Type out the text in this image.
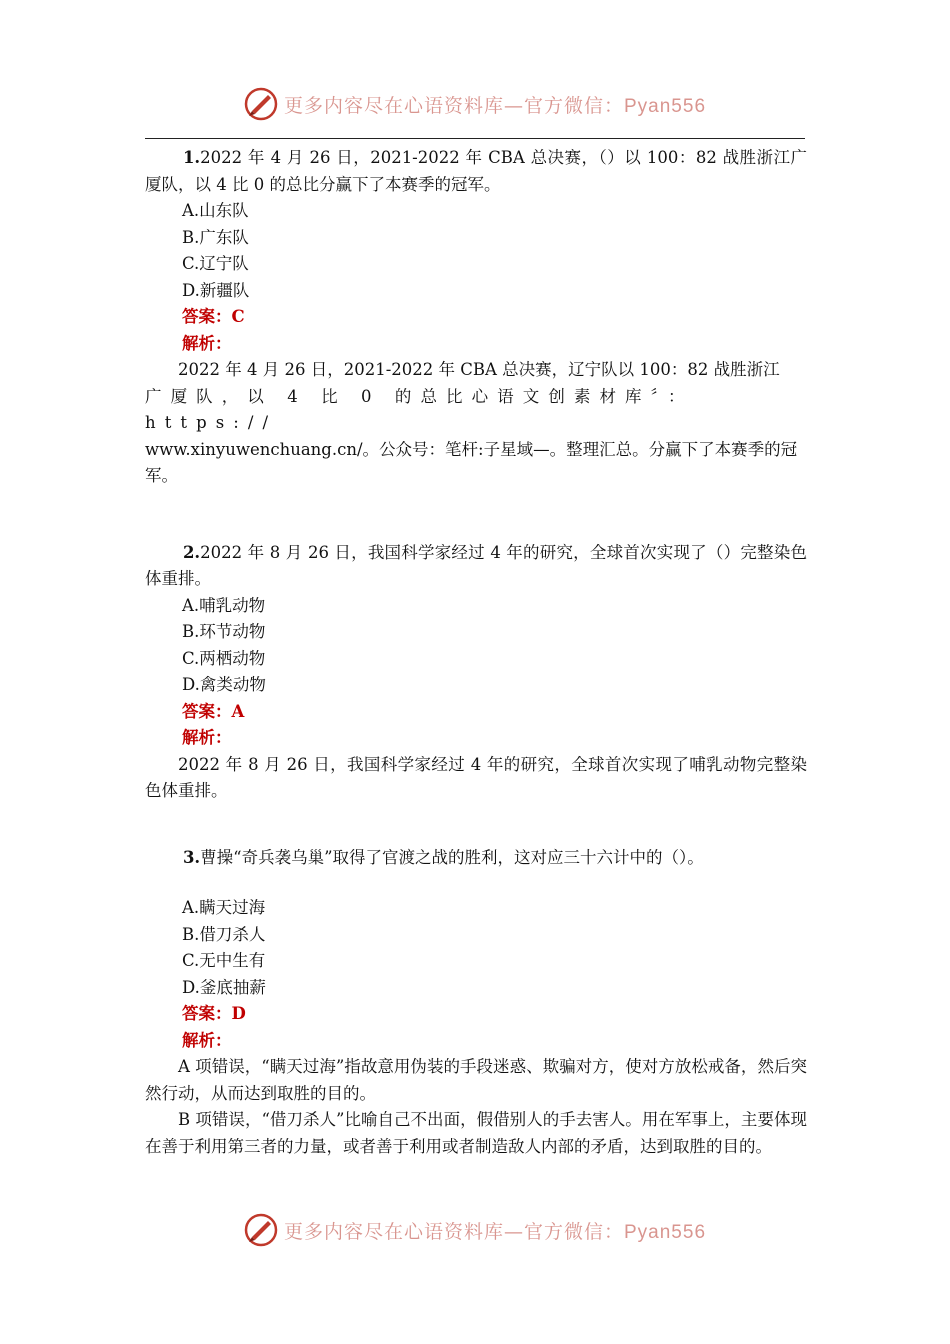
更多内容尽在心语资料库—官方微信：Pyan556

1.2022 年 4 月 26 日，2021-2022 年 CBA 总决赛，（）以 100：82 战胜浙江广厦队，以 4 比 0 的总比分赢下了本赛季的冠军。

A.山东队

B.广东队

C.辽宁队

D.新疆队

答案：C

解析：

2022 年 4 月 26 日，2021-2022 年 CBA 总决赛，辽宁队以 100：82 战胜浙江

广厦队，以 4 比 0 的总比心语文创素材库〞：https://

www.xinyuwenchuang.cn/。公众号：笔杆:子星域—。整理汇总。分赢下了本赛季的冠军。

2.2022 年 8 月 26 日，我国科学家经过 4 年的研究，全球首次实现了（）完整染色体重排。

A.哺乳动物

B.环节动物

C.两栖动物

D.禽类动物

答案：A

解析：

2022 年 8 月 26 日，我国科学家经过 4 年的研究，全球首次实现了哺乳动物完整染色体重排。

3.曹操“奇兵袭乌巢”取得了官渡之战的胜利，这对应三十六计中的（）。

A.瞒天过海

B.借刀杀人

C.无中生有

D.釜底抽薪

答案：D

解析：

A 项错误，“瞒天过海”指故意用伪装的手段迷惑、欺骗对方，使对方放松戒备，然后突然行动，从而达到取胜的目的。

B 项错误，“借刀杀人”比喻自己不出面，假借别人的手去害人。用在军事上，主要体现在善于利用第三者的力量，或者善于利用或者制造敌人内部的矛盾，达到取胜的目的。

更多内容尽在心语资料库—官方微信：Pyan556
